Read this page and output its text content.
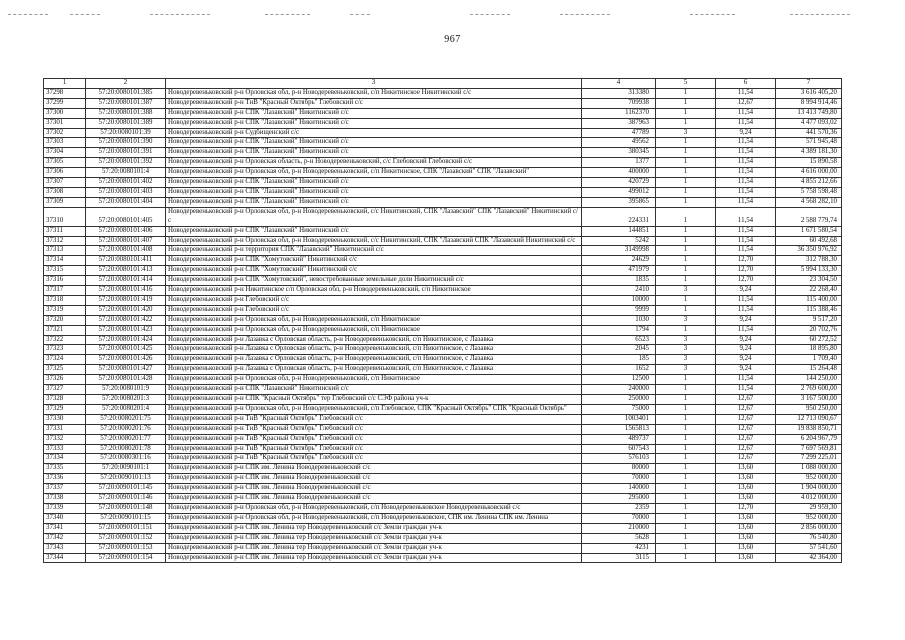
967
1	2	3	4	5	6	7
37298	57:20:0080101:385	Новодеревеньковский р-н Орловская обл, р-н Новодеревеньковский, с/п Никитинское Никитинский с/с	313380	1	11,54	3 616 405,20
37299	57:20:0080101:387	Новодеревеньковский р-н ТнВ "Красный Октябрь" Глебовский с/с	709938	1	12,67	8 994 914,46
37300	57:20:0080101:388	Новодеревеньковский р-н СПК "Лазавский" Никитинский с/с	1162370	1	11,54	13 413 749,80
37301	57:20:0080101:389	Новодеревеньковский р-н СПК "Лазавский" Никитинский с/с	387963	1	11,54	4 477 093,02
37302	57:20:0080101:39	Новодеревеньковский р-н Судбищенский с/с	47789	3	9,24	441 570,36
37303	57:20:0080101:390	Новодеревеньковский р-н СПК "Лазавский" Никитинский с/с	49562	1	11,54	571 945,48
37304	57:20:0080101:391	Новодеревеньковский р-н СПК "Лазавский" Никитинский с/с	380345	1	11,54	4 389 181,30
37305	57:20:0080101:392	Новодеревеньковский р-н Орловская область, р-н Новодеревеньковский, с/с Глебовский Глебовский с/с	1377	1	11,54	15 890,58
37306	57:20:0080101:4	Новодеревеньковский р-н Орловская обл, р-н Новодеревеньковский, с/п Никитинское, СПК "Лазавский" СПК "Лазавский"	400000	1	11,54	4 616 000,00
37307	57:20:0080101:402	Новодеревеньковский р-н СПК "Лазавский" Никитинский с/с	420729	1	11,54	4 855 212,66
37308	57:20:0080101:403	Новодеревеньковский р-н СПК "Лазавский" Никитинский с/с	499012	1	11,54	5 758 598,48
37309	57:20:0080101:404	Новодеревеньковский р-н СПК "Лазавский" Никитинский с/с	395865	1	11,54	4 568 282,10
37310	57:20:0080101:405	Новодеревеньковский р-н Орловская обл, р-н Новодеревеньковский, с/с Никитинский, СПК "Лазавский" СПК "Лазавский" Никитинский с/с	224331	1	11,54	2 588 779,74
37311	57:20:0080101:406	Новодеревеньковский р-н СПК "Лазавский" Никитинский с/с	144851	1	11,54	1 671 580,54
37312	57:20:0080101:407	Новодеревеньковский р-н Орловская обл, р-н Новодеревеньковский, с/с Никитинский, СПК "Лазавский СПК "Лазавский Никитинский с/с	5242	1	11,54	60 492,68
37313	57:20:0080101:408	Новодеревеньковский р-н территория СПК "Лазавский" Никитинский с/с	3149998	1	11,54	36 350 976,92
37314	57:20:0080101:411	Новодеревеньковский р-н СПК "Хомутовский" Никитинский с/с	24629	1	12,70	312 788,30
37315	57:20:0080101:413	Новодеревеньковский р-н СПК "Хомутовский" Никитинский с/с	471979	1	12,70	5 994 133,30
37316	57:20:0080101:414	Новодеревеньковский р-н СПК "Хомутовский", невостребованные земельные доли Никитинский с/с	1835	1	12,70	23 304,50
37317	57:20:0080101:416	Новодеревеньковский р-н Никитинское с/п Орловская обл, р-н Новодеревеньковский, с/п Никитинское	2410	3	9,24	22 268,40
37318	57:20:0080101:419	Новодеревеньковский р-н Глебовский с/с	10000	1	11,54	115 400,00
37319	57:20:0080101:420	Новодеревеньковский р-н Глебовский с/с	9999	1	11,54	115 388,46
37320	57:20:0080101:422	Новодеревеньковский р-н Орловская обл, р-н Новодеревеньковский, с/п Никитинское	1030	3	9,24	9 517,20
37321	57:20:0080101:423	Новодеревеньковский р-н Орловская обл, р-н Новодеревеньковский, с/п Никитинское	1794	1	11,54	20 702,76
37322	57:20:0080101:424	Новодеревеньковский р-н Лазавка с Орловская область, р-н Новодеревеньковский, с/п Никитинское, с Лазавка	6523	3	9,24	60 272,52
37323	57:20:0080101:425	Новодеревеньковский р-н Лазавка с Орловская область, р-н Новодеревеньковский, с/п Никитинское, с Лазавка	2045	3	9,24	18 895,80
37324	57:20:0080101:426	Новодеревеньковский р-н Лазавка с Орловская область, р-н Новодеревеньковский, с/п Никитинское, с Лазавка	185	3	9,24	1 709,40
37325	57:20:0080101:427	Новодеревеньковский р-н Лазавка с Орловская область, р-н Новодеревеньковский, с/п Никитинское, с Лазавка	1652	3	9,24	15 264,48
37326	57:20:0080101:428	Новодеревеньковский р-н Орловская обл, р-н Новодеревеньковский, с/п Никитинское	12500	1	11,54	144 250,00
37327	57:20:0080101:9	Новодеревеньковский р-н СПК "Лазавский" Никитинский с/с	240000	1	11,54	2 769 600,00
37328	57:20:0080201:3	Новодеревеньковский р-н СПК "Красный Октябрь" тер Глебовский с/с СЭФ района уч-к	250000	1	12,67	3 167 500,00
37329	57:20:0080201:4	Новодеревеньковский р-н Орловская обл, р-н Новодеревеньковский, с/п Глебовское, СПК "Красный Октябрь" СПК "Красный Октябрь"	75000	1	12,67	950 250,00
37330	57:20:0080201:75	Новодеревеньковский р-н ТнВ "Красный Октябрь" Глебовский с/с	1003401	1	12,67	12 713 090,67
37331	57:20:0080201:76	Новодеревеньковский р-н ТнВ "Красный Октябрь" Глебовский с/с	1565813	1	12,67	19 838 850,71
37332	57:20:0080201:77	Новодеревеньковский р-н ТнВ "Красный Октябрь" Глебовский с/с	489737	1	12,67	6 204 967,79
37333	57:20:0080201:78	Новодеревеньковский р-н ТнВ "Красный Октябрь" Глебовский с/с	607543	1	12,67	7 697 569,81
37334	57:20:0080301:16	Новодеревеньковский р-н ТнВ "Красный Октябрь" Глебовский с/с	576103	1	12,67	7 299 225,01
37335	57:20:0090101:1	Новодеревеньковский р-н СПК им. Ленина Новодеревеньковский с/с	80000	1	13,60	1 088 000,00
37336	57:20:0090101:13	Новодеревеньковский р-н СПК им. Ленина Новодеревеньковский с/с	70000	1	13,60	952 000,00
37337	57:20:0090101:145	Новодеревеньковский р-н СПК им. Ленина Новодеревеньковский с/с	140000	1	13,60	1 904 000,00
37338	57:20:0090101:146	Новодеревеньковский р-н СПК им. Ленина Новодеревеньковский с/с	295000	1	13,60	4 012 000,00
37339	57:20:0090101:148	Новодеревеньковский р-н Орловская обл, р-н Новодеревеньковский, с/п Новодеревеньковское Новодеревеньковский с/с	2359	1	12,70	29 959,30
37340	57:20:0090101:15	Новодеревеньковский р-н Орловская обл, р-н Новодеревеньковский, с/п Новодеревеньковское, СПК им. Ленина СПК им. Ленина	70000	1	13,60	952 000,00
37341	57:20:0090101:151	Новодеревеньковский р-н СПК им. Ленина тер Новодеревеньковский с/с Земли граждан уч-к	210000	1	13,60	2 856 000,00
37342	57:20:0090101:152	Новодеревеньковский р-н СПК им. Ленина тер Новодеревеньковский с/с Земли граждан уч-к	5628	1	13,60	76 540,80
37343	57:20:0090101:153	Новодеревеньковский р-н СПК им. Ленина тер Новодеревеньковский с/с Земли граждан уч-к	4231	1	13,60	57 541,60
37344	57:20:0090101:154	Новодеревеньковский р-н СПК им. Ленина тер Новодеревеньковский с/с Земли граждан уч-к	3115	1	13,60	42 364,00
